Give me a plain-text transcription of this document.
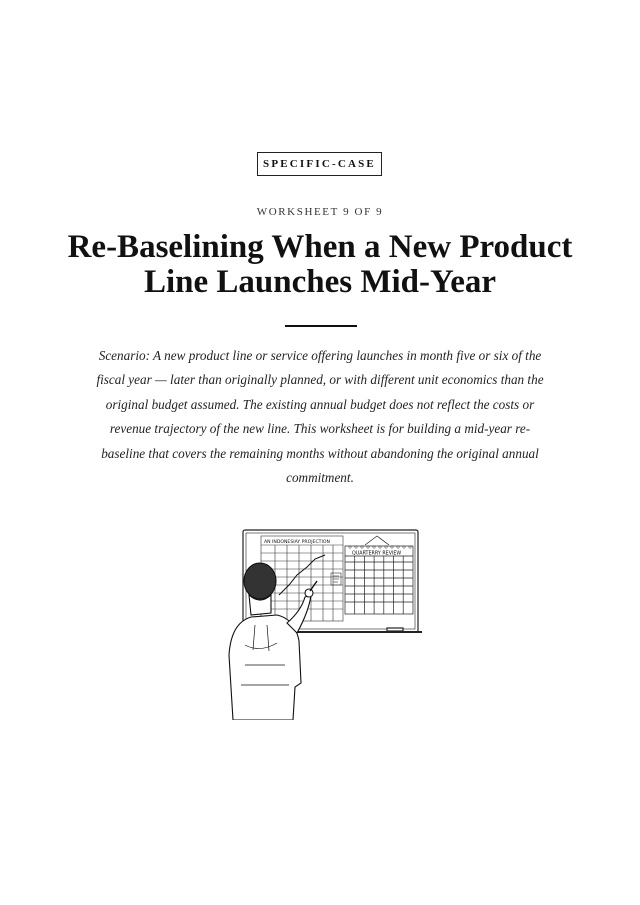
SPECIFIC-CASE
WORKSHEET 9 OF 9
Re-Baselining When a New Product Line Launches Mid-Year

Scenario: A new product line or service offering launches in month five or six of the fiscal year — later than originally planned, or with different unit economics than the original budget assumed. The existing annual budget does not reflect the costs or revenue trajectory of the new line. This worksheet is for building a mid-year re-baseline that covers the remaining months without abandoning the original annual commitment.

AN INDONESIAY PROJECTION
QUARTERRY REVIEW
